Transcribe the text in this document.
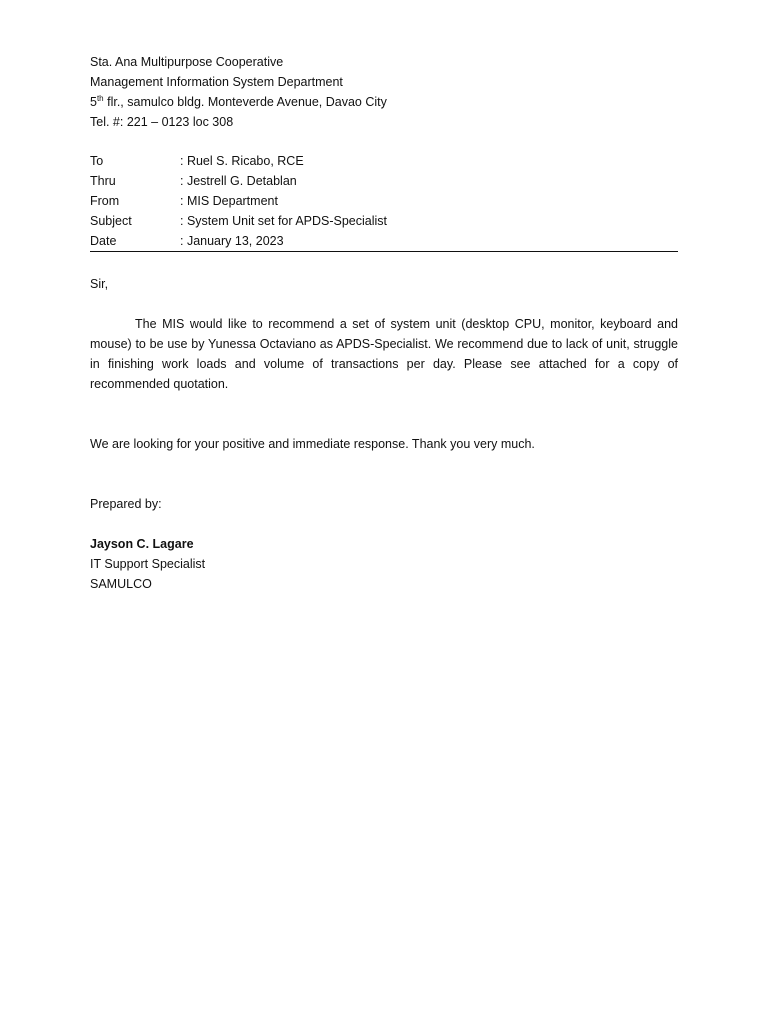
Sta. Ana Multipurpose Cooperative
Management Information System Department
5th flr., samulco bldg. Monteverde Avenue, Davao City
Tel. #: 221 – 0123 loc 308
To	: Ruel S. Ricabo, RCE
Thru	: Jestrell G. Detablan
From	: MIS Department
Subject	: System Unit set for APDS-Specialist
Date	: January 13, 2023
Sir,
The MIS would like to recommend a set of system unit (desktop CPU, monitor, keyboard and mouse) to be use by Yunessa Octaviano as APDS-Specialist. We recommend due to lack of unit, struggle in finishing work loads and volume of transactions per day. Please see attached for a copy of recommended quotation.
We are looking for your positive and immediate response. Thank you very much.
Prepared by:
Jayson C. Lagare
IT Support Specialist
SAMULCO
